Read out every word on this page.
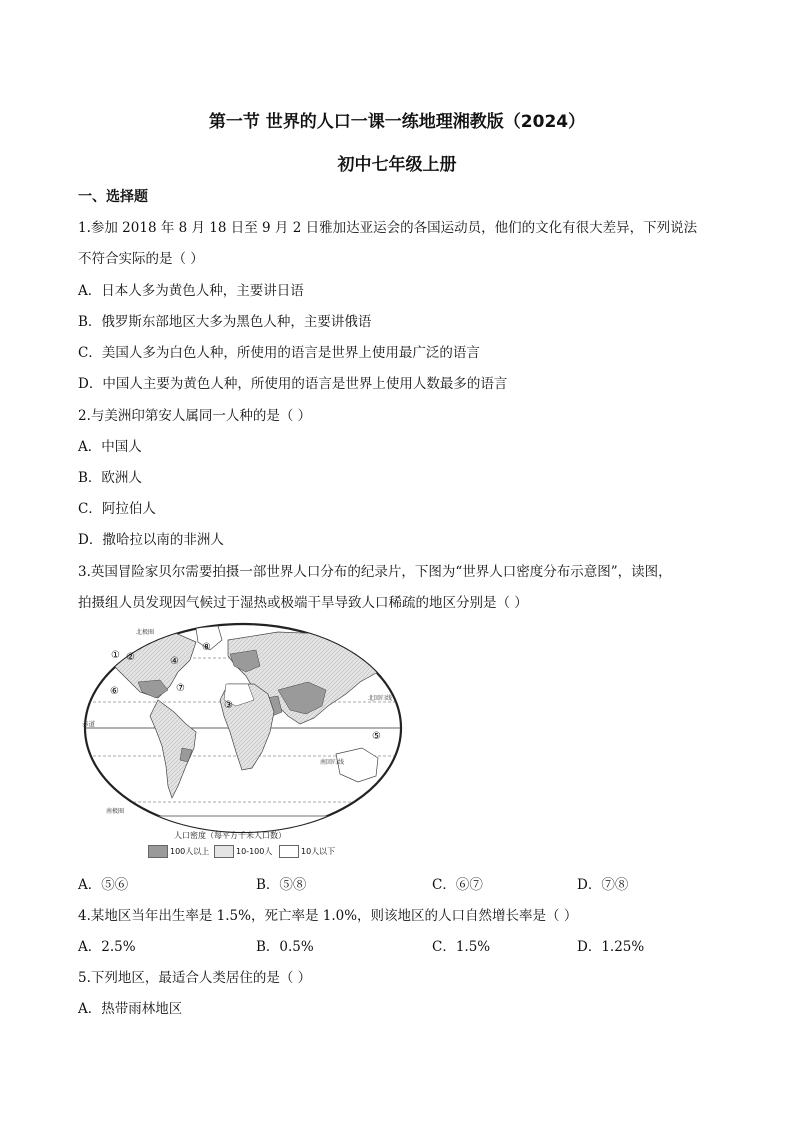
第一节 世界的人口一课一练地理湘教版（2024）
初中七年级上册
一、选择题
1.参加 2018 年 8 月 18 日至 9 月 2 日雅加达亚运会的各国运动员，他们的文化有很大差异，下列说法
不符合实际的是（ ）
A．日本人多为黄色人种，主要讲日语
B．俄罗斯东部地区大多为黑色人种，主要讲俄语
C．美国人多为白色人种，所使用的语言是世界上使用最广泛的语言
D．中国人主要为黄色人种，所使用的语言是世界上使用人数最多的语言
2.与美洲印第安人属同一人种的是（ ）
A．中国人
B．欧洲人
C．阿拉伯人
D．撒哈拉以南的非洲人
3.英国冒险家贝尔需要拍摄一部世界人口分布的纪录片，下图为“世界人口密度分布示意图”，读图，
拍摄组人员发现因气候过于湿热或极端干旱导致人口稀疏的地区分别是（ ）
① ②
③
④
⑤
⑥	⑦
⑧
北极圈
赤道
北回归线
南回归线
南极圈
人口密度（每平方千米人口数）
100人以上	10-100人	10人以下
A．⑤⑥	B．⑤⑧	C．⑥⑦	D．⑦⑧
4.某地区当年出生率是 1.5%，死亡率是 1.0%，则该地区的人口自然增长率是（ ）
A．2.5%	B．0.5%	C．1.5%	D．1.25%
5.下列地区，最适合人类居住的是（ ）
A．热带雨林地区
